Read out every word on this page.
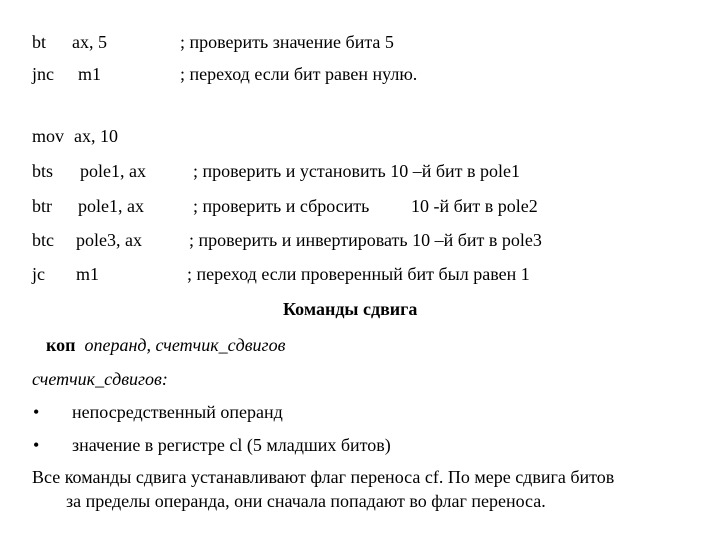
bt ax, 5	; проверить значение бита 5
jnc m1	; переход если бит равен нулю.
mov ax, 10
bts pole1, ax	; проверить и установить 10 –й бит в pole1
btr pole1, ax	; проверить и сбросить 10 -й бит в pole2
btc pole3, ax	; проверить и инвертировать 10 –й бит в pole3
jc m1	; переход если проверенный бит был равен 1
Команды сдвига
коп операнд, счетчик_сдвигов
счетчик_сдвигов:
• непосредственный операнд
• значение в регистре cl (5 младших битов)
Все команды сдвига устанавливают флаг переноса cf. По мере сдвига битов
за пределы операнда, они сначала попадают во флаг переноса.
